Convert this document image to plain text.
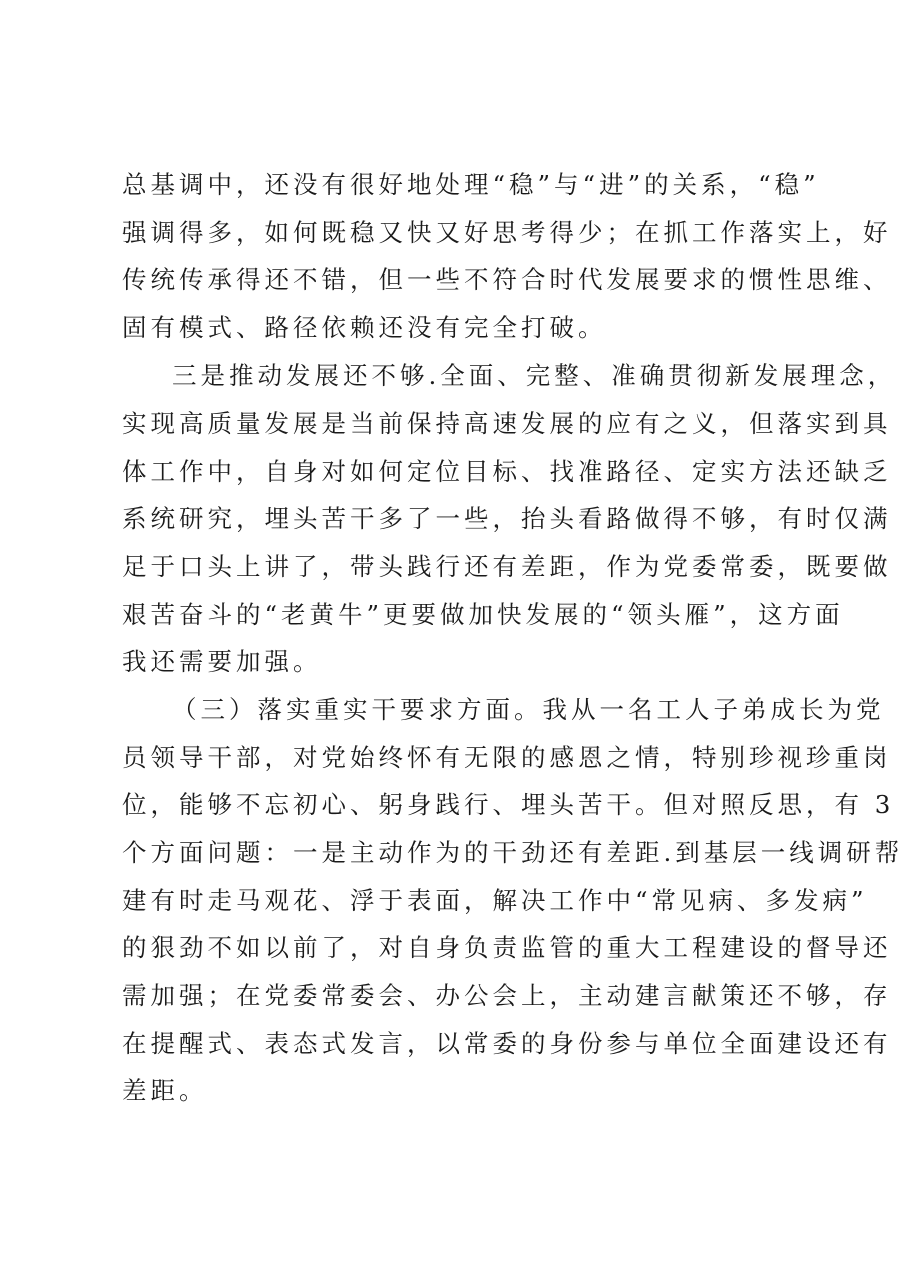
总基调中，还没有很好地处理“稳”与“进”的关系，“稳”
强调得多，如何既稳又快又好思考得少；在抓工作落实上，好
传统传承得还不错，但一些不符合时代发展要求的惯性思维、
固有模式、路径依赖还没有完全打破。
三是推动发展还不够.全面、完整、准确贯彻新发展理念，
实现高质量发展是当前保持高速发展的应有之义，但落实到具
体工作中，自身对如何定位目标、找准路径、定实方法还缺乏
系统研究，埋头苦干多了一些，抬头看路做得不够，有时仅满
足于口头上讲了，带头践行还有差距，作为党委常委，既要做
艰苦奋斗的“老黄牛”更要做加快发展的“领头雁”，这方面
我还需要加强。
（三）落实重实干要求方面。我从一名工人子弟成长为党
员领导干部，对党始终怀有无限的感恩之情，特别珍视珍重岗
位，能够不忘初心、躬身践行、埋头苦干。但对照反思，有 3
个方面问题：一是主动作为的干劲还有差距.到基层一线调研帮
建有时走马观花、浮于表面，解决工作中“常见病、多发病”
的狠劲不如以前了，对自身负责监管的重大工程建设的督导还
需加强；在党委常委会、办公会上，主动建言献策还不够，存
在提醒式、表态式发言，以常委的身份参与单位全面建设还有
差距。
